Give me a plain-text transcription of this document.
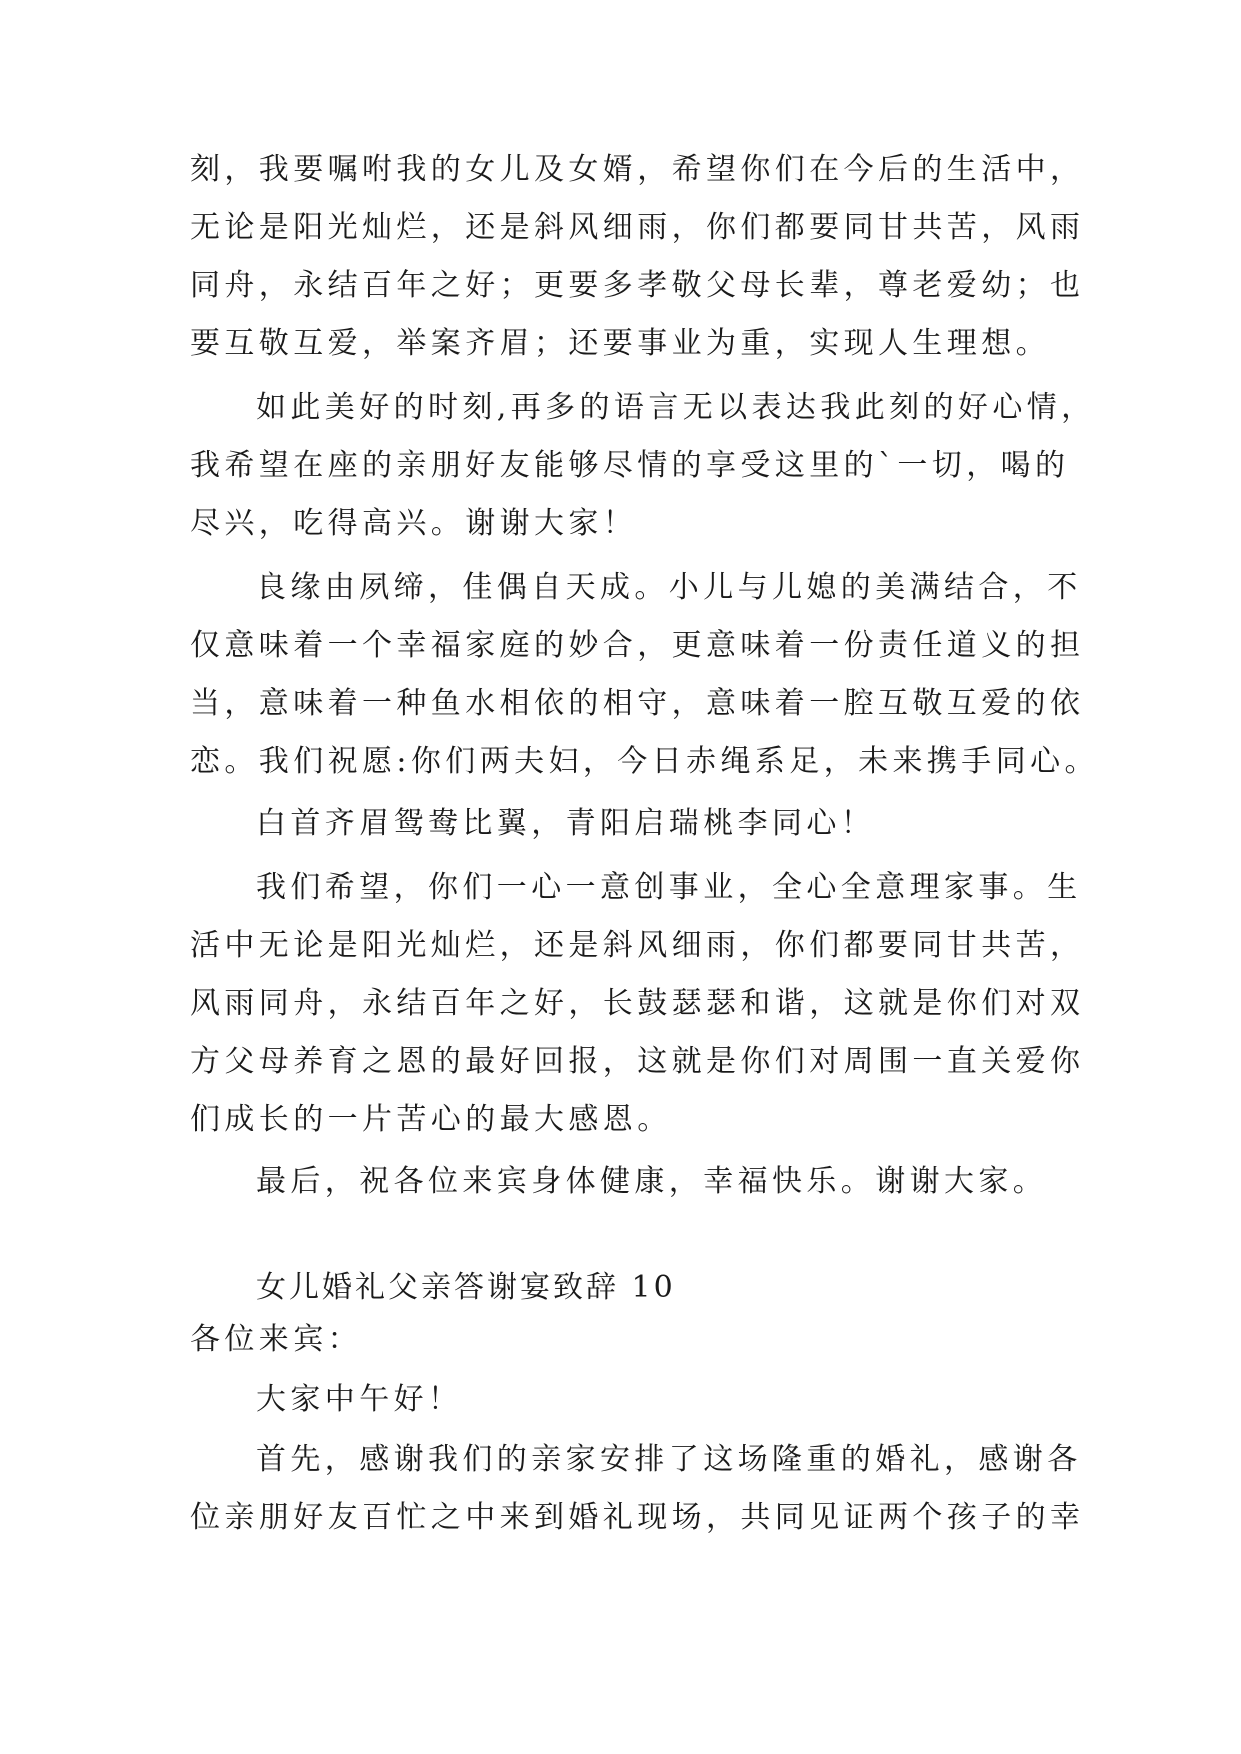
刻，我要嘱咐我的女儿及女婿，希望你们在今后的生活中，
无论是阳光灿烂，还是斜风细雨，你们都要同甘共苦，风雨
同舟，永结百年之好；更要多孝敬父母长辈，尊老爱幼；也
要互敬互爱，举案齐眉；还要事业为重，实现人生理想。
如此美好的时刻,再多的语言无以表达我此刻的好心情，
我希望在座的亲朋好友能够尽情的享受这里的`一切，喝的
尽兴，吃得高兴。谢谢大家！
良缘由夙缔，佳偶自天成。小儿与儿媳的美满结合，不
仅意味着一个幸福家庭的妙合，更意味着一份责任道义的担
当，意味着一种鱼水相依的相守，意味着一腔互敬互爱的依
恋。我们祝愿:你们两夫妇，今日赤绳系足，未来携手同心。
白首齐眉鸳鸯比翼，青阳启瑞桃李同心！
我们希望，你们一心一意创事业，全心全意理家事。生
活中无论是阳光灿烂，还是斜风细雨，你们都要同甘共苦，
风雨同舟，永结百年之好，长鼓瑟瑟和谐，这就是你们对双
方父母养育之恩的最好回报，这就是你们对周围一直关爱你
们成长的一片苦心的最大感恩。
最后，祝各位来宾身体健康，幸福快乐。谢谢大家。
女儿婚礼父亲答谢宴致辞 10
各位来宾：
大家中午好！
首先，感谢我们的亲家安排了这场隆重的婚礼，感谢各
位亲朋好友百忙之中来到婚礼现场，共同见证两个孩子的幸
